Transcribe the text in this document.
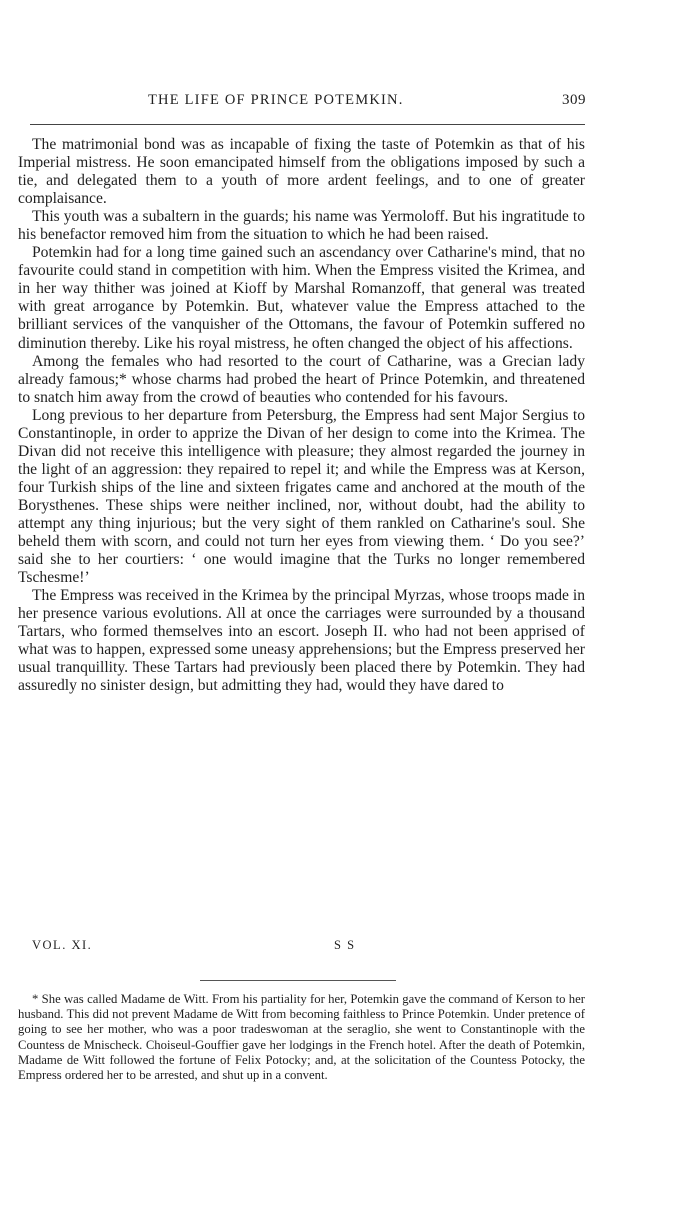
THE LIFE OF PRINCE POTEMKIN.	309

The matrimonial bond was as incapable of fixing the taste of Potemkin as that of his Imperial mistress. He soon emancipated himself from the obligations imposed by such a tie, and delegated them to a youth of more ardent feelings, and to one of greater complaisance.

This youth was a subaltern in the guards; his name was Yermoloff. But his ingratitude to his benefactor removed him from the situation to which he had been raised.

Potemkin had for a long time gained such an ascendancy over Catharine's mind, that no favourite could stand in competition with him. When the Empress visited the Krimea, and in her way thither was joined at Kioff by Marshal Romanzoff, that general was treated with great arrogance by Potemkin. But, whatever value the Empress attached to the brilliant services of the vanquisher of the Ottomans, the favour of Potemkin suffered no diminution thereby. Like his royal mistress, he often changed the object of his affections.

Among the females who had resorted to the court of Catharine, was a Grecian lady already famous;* whose charms had probed the heart of Prince Potemkin, and threatened to snatch him away from the crowd of beauties who contended for his favours.

Long previous to her departure from Petersburg, the Empress had sent Major Sergius to Constantinople, in order to apprize the Divan of her design to come into the Krimea. The Divan did not receive this intelligence with pleasure; they almost regarded the journey in the light of an aggression: they repaired to repel it; and while the Empress was at Kerson, four Turkish ships of the line and sixteen frigates came and anchored at the mouth of the Borysthenes. These ships were neither inclined, nor, without doubt, had the ability to attempt any thing injurious; but the very sight of them rankled on Catharine's soul. She beheld them with scorn, and could not turn her eyes from viewing them. ‘ Do you see?’ said she to her courtiers: ‘ one would imagine that the Turks no longer remembered Tschesme!’

The Empress was received in the Krimea by the principal Myrzas, whose troops made in her presence various evolutions. All at once the carriages were surrounded by a thousand Tartars, who formed themselves into an escort. Joseph II. who had not been apprised of what was to happen, expressed some uneasy apprehensions; but the Empress preserved her usual tranquillity. These Tartars had previously been placed there by Potemkin. They had assuredly no sinister design, but admitting they had, would they have dared to

VOL. XI.	S S

* She was called Madame de Witt. From his partiality for her, Potemkin gave the command of Kerson to her husband. This did not prevent Madame de Witt from becoming faithless to Prince Potemkin. Under pretence of going to see her mother, who was a poor tradeswoman at the seraglio, she went to Constantinople with the Countess de Mnischeck. Choiseul-Gouffier gave her lodgings in the French hotel. After the death of Potemkin, Madame de Witt followed the fortune of Felix Potocky; and, at the solicitation of the Countess Potocky, the Empress ordered her to be arrested, and shut up in a convent.
